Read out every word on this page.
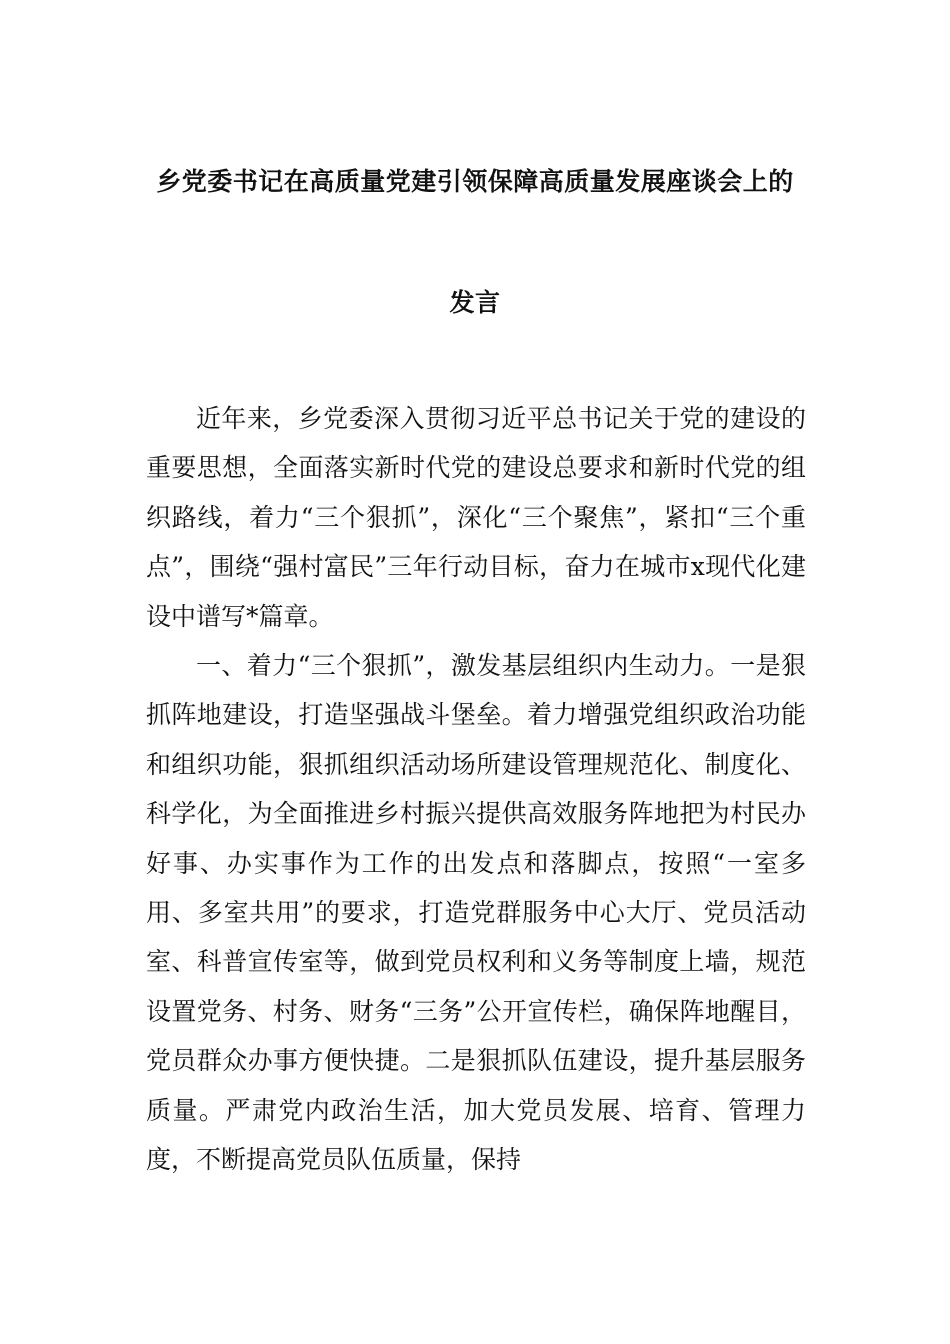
乡党委书记在高质量党建引领保障高质量发展座谈会上的
发言

近年来，乡党委深入贯彻习近平总书记关于党的建设的重要思想，全面落实新时代党的建设总要求和新时代党的组织路线，着力“三个狠抓”，深化“三个聚焦”，紧扣“三个重点”，围绕“强村富民”三年行动目标，奋力在城市x现代化建设中谱写*篇章。

一、着力“三个狠抓”，激发基层组织内生动力。一是狠抓阵地建设，打造坚强战斗堡垒。着力增强党组织政治功能和组织功能，狠抓组织活动场所建设管理规范化、制度化、科学化，为全面推进乡村振兴提供高效服务阵地把为村民办好事、办实事作为工作的出发点和落脚点，按照“一室多用、多室共用”的要求，打造党群服务中心大厅、党员活动室、科普宣传室等，做到党员权利和义务等制度上墙，规范设置党务、村务、财务“三务”公开宣传栏，确保阵地醒目，党员群众办事方便快捷。二是狠抓队伍建设，提升基层服务质量。严肃党内政治生活，加大党员发展、培育、管理力度，不断提高党员队伍质量，保持
